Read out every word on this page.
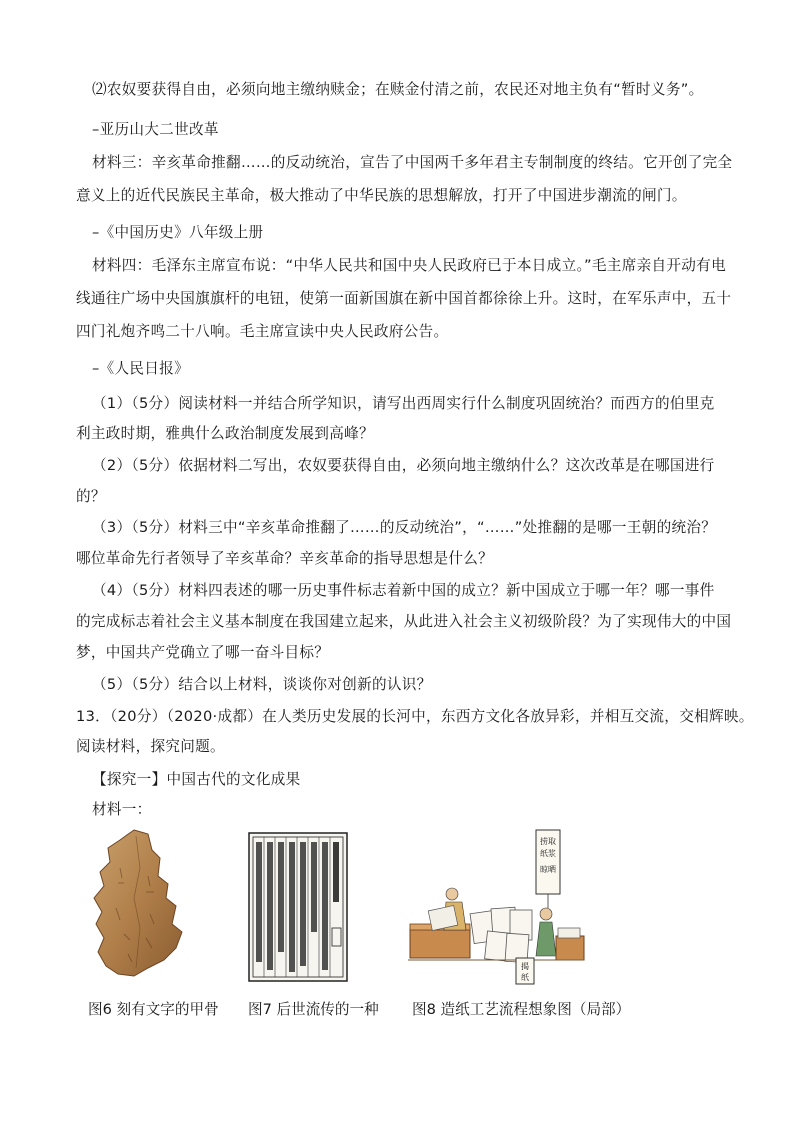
⑵农奴要获得自由，必须向地主缴纳赎金；在赎金付清之前，农民还对地主负有“暂时义务”。
–亚历山大二世改革
材料三：辛亥革命推翻……的反动统治，宣告了中国两千多年君主专制制度的终结。它开创了完全
意义上的近代民族民主革命，极大推动了中华民族的思想解放，打开了中国进步潮流的闸门。
–《中国历史》八年级上册
材料四：毛泽东主席宣布说：“中华人民共和国中央人民政府已于本日成立。”毛主席亲自开动有电
线通往广场中央国旗旗杆的电钮，使第一面新国旗在新中国首都徐徐上升。这时，在军乐声中，五十
四门礼炮齐鸣二十八响。毛主席宣读中央人民政府公告。
–《人民日报》
（1）（5分）阅读材料一并结合所学知识，请写出西周实行什么制度巩固统治？而西方的伯里克
利主政时期，雅典什么政治制度发展到高峰？
（2）（5分）依据材料二写出，农奴要获得自由，必须向地主缴纳什么？这次改革是在哪国进行
的？
（3）（5分）材料三中“辛亥革命推翻了……的反动统治”，“……”处推翻的是哪一王朝的统治？
哪位革命先行者领导了辛亥革命？辛亥革命的指导思想是什么？
（4）（5分）材料四表述的哪一历史事件标志着新中国的成立？新中国成立于哪一年？哪一事件
的完成标志着社会主义基本制度在我国建立起来，从此进入社会主义初级阶段？为了实现伟大的中国
梦，中国共产党确立了哪一奋斗目标？
（5）（5分）结合以上材料，谈谈你对创新的认识？
13．（20分）（2020·成都）在人类历史发展的长河中，东西方文化各放异彩，并相互交流，交相辉映。
阅读材料，探究问题。
【探究一】中国古代的文化成果
材料一：
捞取
纸浆
晾晒
揭
纸
图6 刻有文字的甲骨 图7 后世流传的一种 图8 造纸工艺流程想象图（局部）
